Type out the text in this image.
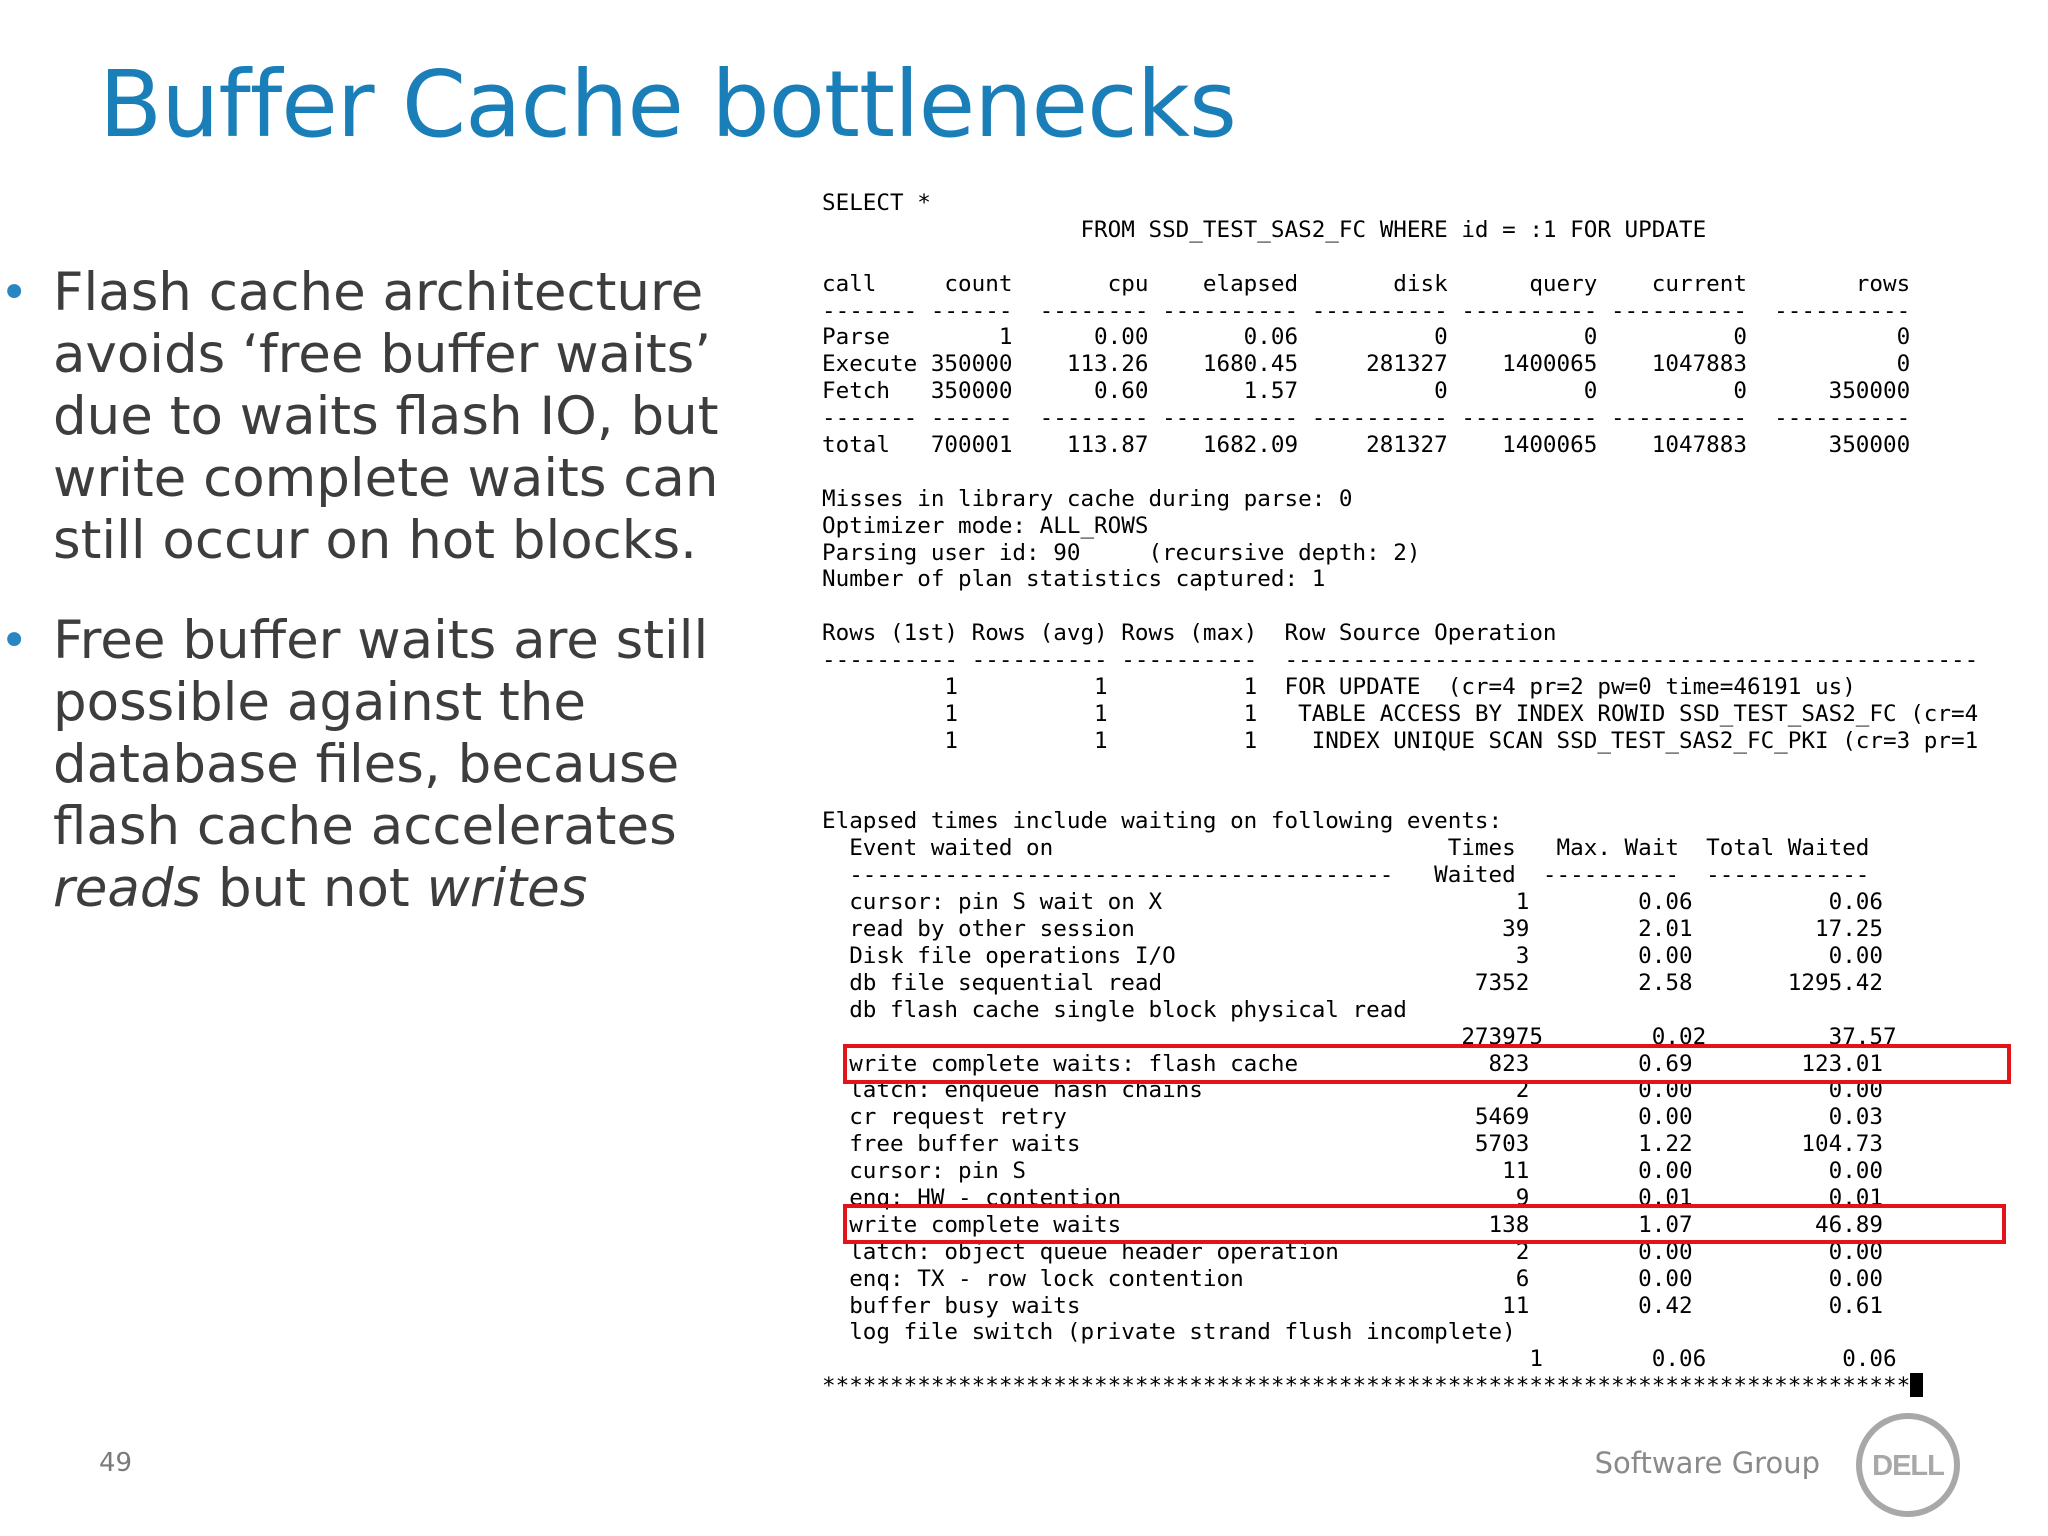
Buffer Cache bottlenecks
• Flash cache architecture
avoids ‘free buffer waits’
due to waits flash IO, but
write complete waits can
still occur on hot blocks.
• Free buffer waits are still
possible against the
database files, because
flash cache accelerates
reads but not writes
SELECT *
FROM SSD_TEST_SAS2_FC WHERE id = :1 FOR UPDATE
call     count       cpu    elapsed       disk      query    current        rows
------- ------  -------- ---------- ---------- ---------- ----------  ----------
Parse        1      0.00       0.06          0          0          0           0
Execute 350000    113.26    1680.45     281327    1400065    1047883           0
Fetch   350000      0.60       1.57          0          0          0      350000
------- ------  -------- ---------- ---------- ---------- ----------  ----------
total   700001    113.87    1682.09     281327    1400065    1047883      350000
Misses in library cache during parse: 0
Optimizer mode: ALL_ROWS
Parsing user id: 90     (recursive depth: 2)
Number of plan statistics captured: 1
Rows (1st) Rows (avg) Rows (max)  Row Source Operation
---------- ---------- ----------  ---------------------------------------------------
1          1          1  FOR UPDATE  (cr=4 pr=2 pw=0 time=46191 us)
1          1          1   TABLE ACCESS BY INDEX ROWID SSD_TEST_SAS2_FC (cr=4
1          1          1    INDEX UNIQUE SCAN SSD_TEST_SAS2_FC_PKI (cr=3 pr=1
Elapsed times include waiting on following events:
Event waited on                             Times   Max. Wait  Total Waited
----------------------------------------   Waited  ----------  ------------
cursor: pin S wait on X                          1        0.06          0.06
read by other session                           39        2.01         17.25
Disk file operations I/O                         3        0.00          0.00
db file sequential read                       7352        2.58       1295.42
db flash cache single block physical read
273975        0.02         37.57
write complete waits: flash cache              823        0.69        123.01
latch: enqueue hash chains                       2        0.00          0.00
cr request retry                              5469        0.00          0.03
free buffer waits                             5703        1.22        104.73
cursor: pin S                                   11        0.00          0.00
enq: HW - contention                             9        0.01          0.01
write complete waits                           138        1.07         46.89
latch: object queue header operation             2        0.00          0.00
enq: TX - row lock contention                    6        0.00          0.00
buffer busy waits                               11        0.42          0.61
log file switch (private strand flush incomplete)
1        0.06          0.06
********************************************************************************
49	Software Group DELL
